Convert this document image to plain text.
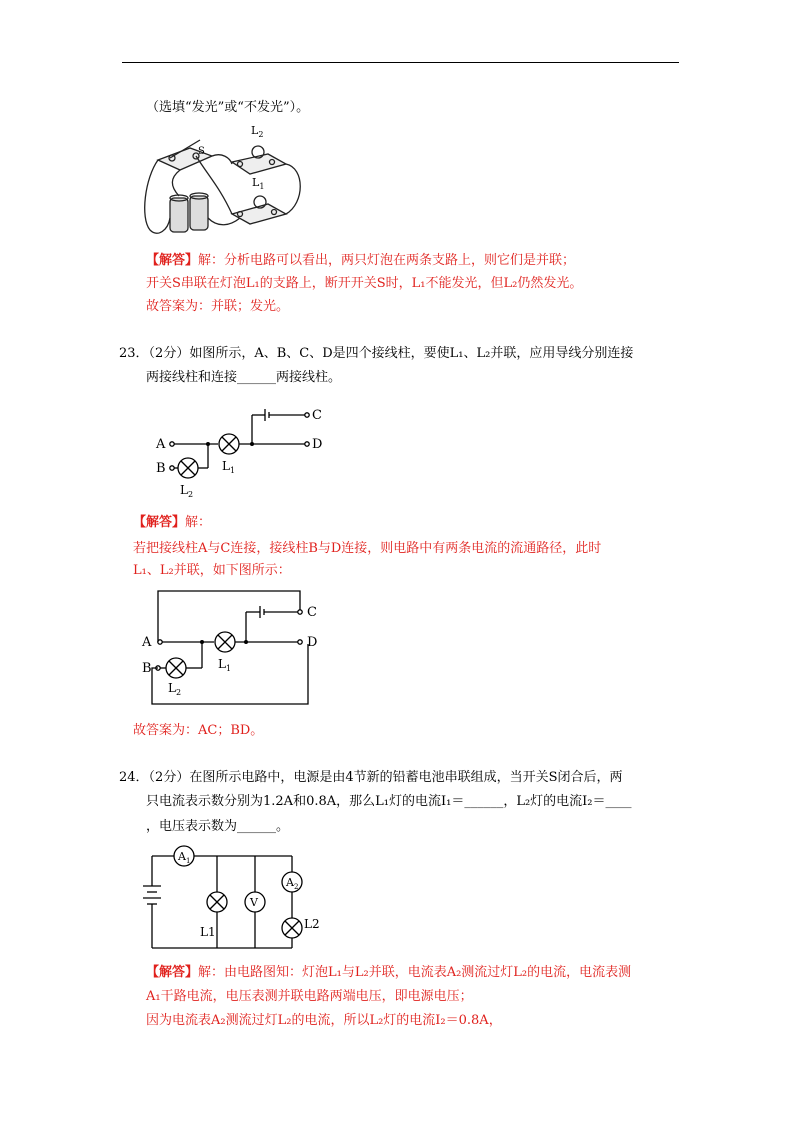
（选填“发光”或“不发光”）。
S
$L_2$
$L_1$
【解答】解：分析电路可以看出，两只灯泡在两条支路上，则它们是并联；
开关S串联在灯泡L₁的支路上，断开开关S时，L₁不能发光，但L₂仍然发光。
故答案为：并联；发光。
23．（2分）如图所示，A、B、C、D是四个接线柱，要使L₁、L₂并联，应用导线分别连接
两接线柱和连接______两接线柱。
A
B
C
D
$L_1$
$L_2$
【解答】解：
若把接线柱A与C连接，接线柱B与D连接，则电路中有两条电流的流通路径，此时
L₁、L₂并联，如下图所示：
A
B
C
D
$L_1$
$L_2$
故答案为：AC；BD。
24．（2分）在图所示电路中，电源是由4节新的铅蓄电池串联组成，当开关S闭合后，两
只电流表示数分别为1.2A和0.8A，那么L₁灯的电流I₁＝______，L₂灯的电流I₂＝____
，电压表示数为______。
$A_1$
$A_2$
V
L1
L2
【解答】解：由电路图知：灯泡L₁与L₂并联，电流表A₂测流过灯L₂的电流，电流表测
A₁干路电流，电压表测并联电路两端电压，即电源电压；
因为电流表A₂测流过灯L₂的电流，所以L₂灯的电流I₂＝0.8A，
